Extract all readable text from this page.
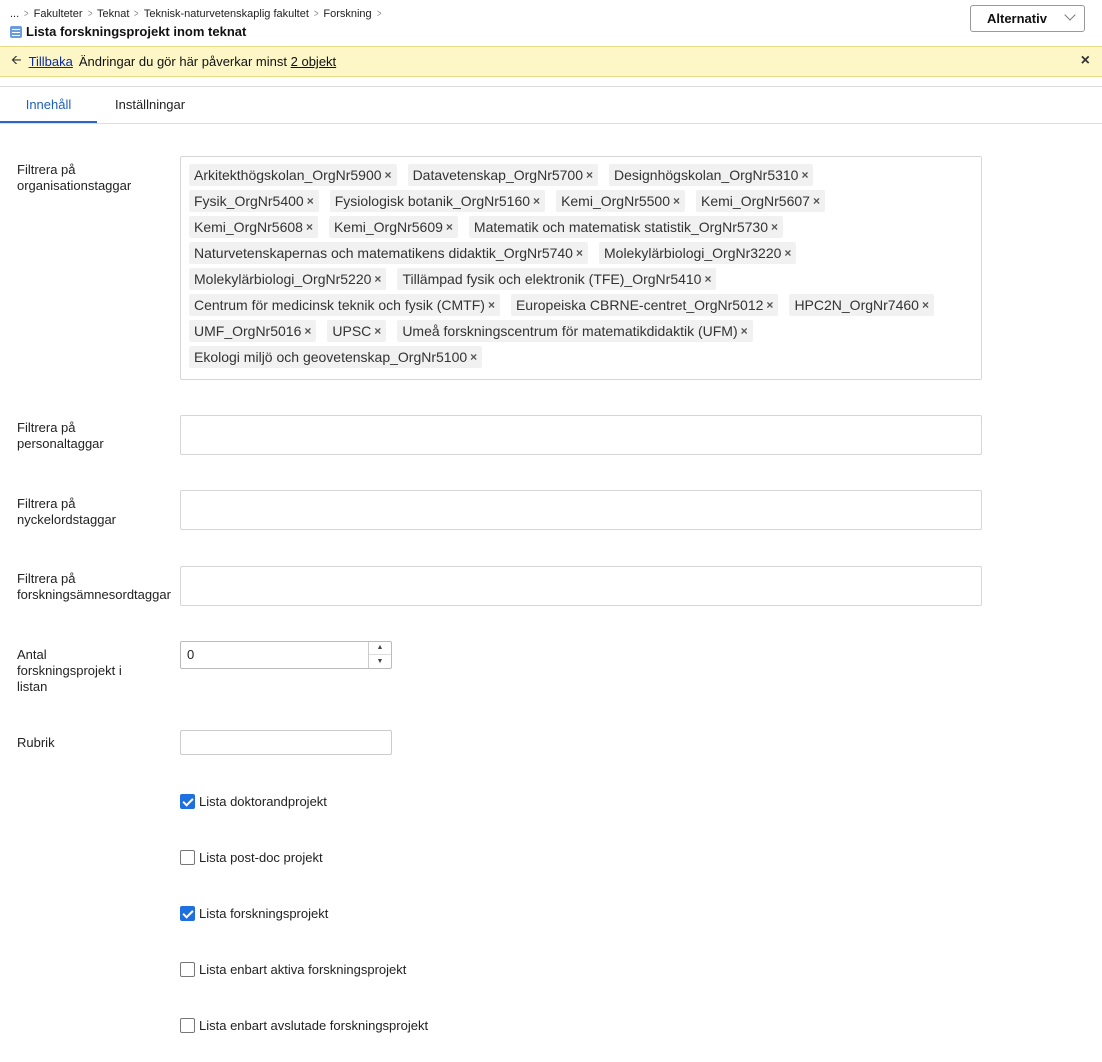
... > Fakulteter > Teknat > Teknisk-naturvetenskaplig fakultet > Forskning >
Lista forskningsprojekt inom teknat
Alternativ
🡨 Tillbaka Ändringar du gör här påverkar minst 2 objekt	×
Innehåll	Inställningar
Filtrera på organisationstaggar
Arkitekthögskolan_OrgNr5900 × Datavetenskap_OrgNr5700 × Designhögskolan_OrgNr5310 ×
Fysik_OrgNr5400 × Fysiologisk botanik_OrgNr5160 × Kemi_OrgNr5500 × Kemi_OrgNr5607 ×
Kemi_OrgNr5608 × Kemi_OrgNr5609 × Matematik och matematisk statistik_OrgNr5730 ×
Naturvetenskapernas och matematikens didaktik_OrgNr5740 × Molekylärbiologi_OrgNr3220 ×
Molekylärbiologi_OrgNr5220 × Tillämpad fysik och elektronik (TFE)_OrgNr5410 ×
Centrum för medicinsk teknik och fysik (CMTF) × Europeiska CBRNE-centret_OrgNr5012 × HPC2N_OrgNr7460 ×
UMF_OrgNr5016 × UPSC × Umeå forskningscentrum för matematikdidaktik (UFM) ×
Ekologi miljö och geovetenskap_OrgNr5100 ×
Filtrera på personaltaggar
Filtrera på nyckelordstaggar
Filtrera på forskningsämnesordtaggar
Antal forskningsprojekt i listan
0	▲
▼
Rubrik
Lista doktorandprojekt
Lista post-doc projekt
Lista forskningsprojekt
Lista enbart aktiva forskningsprojekt
Lista enbart avslutade forskningsprojekt
